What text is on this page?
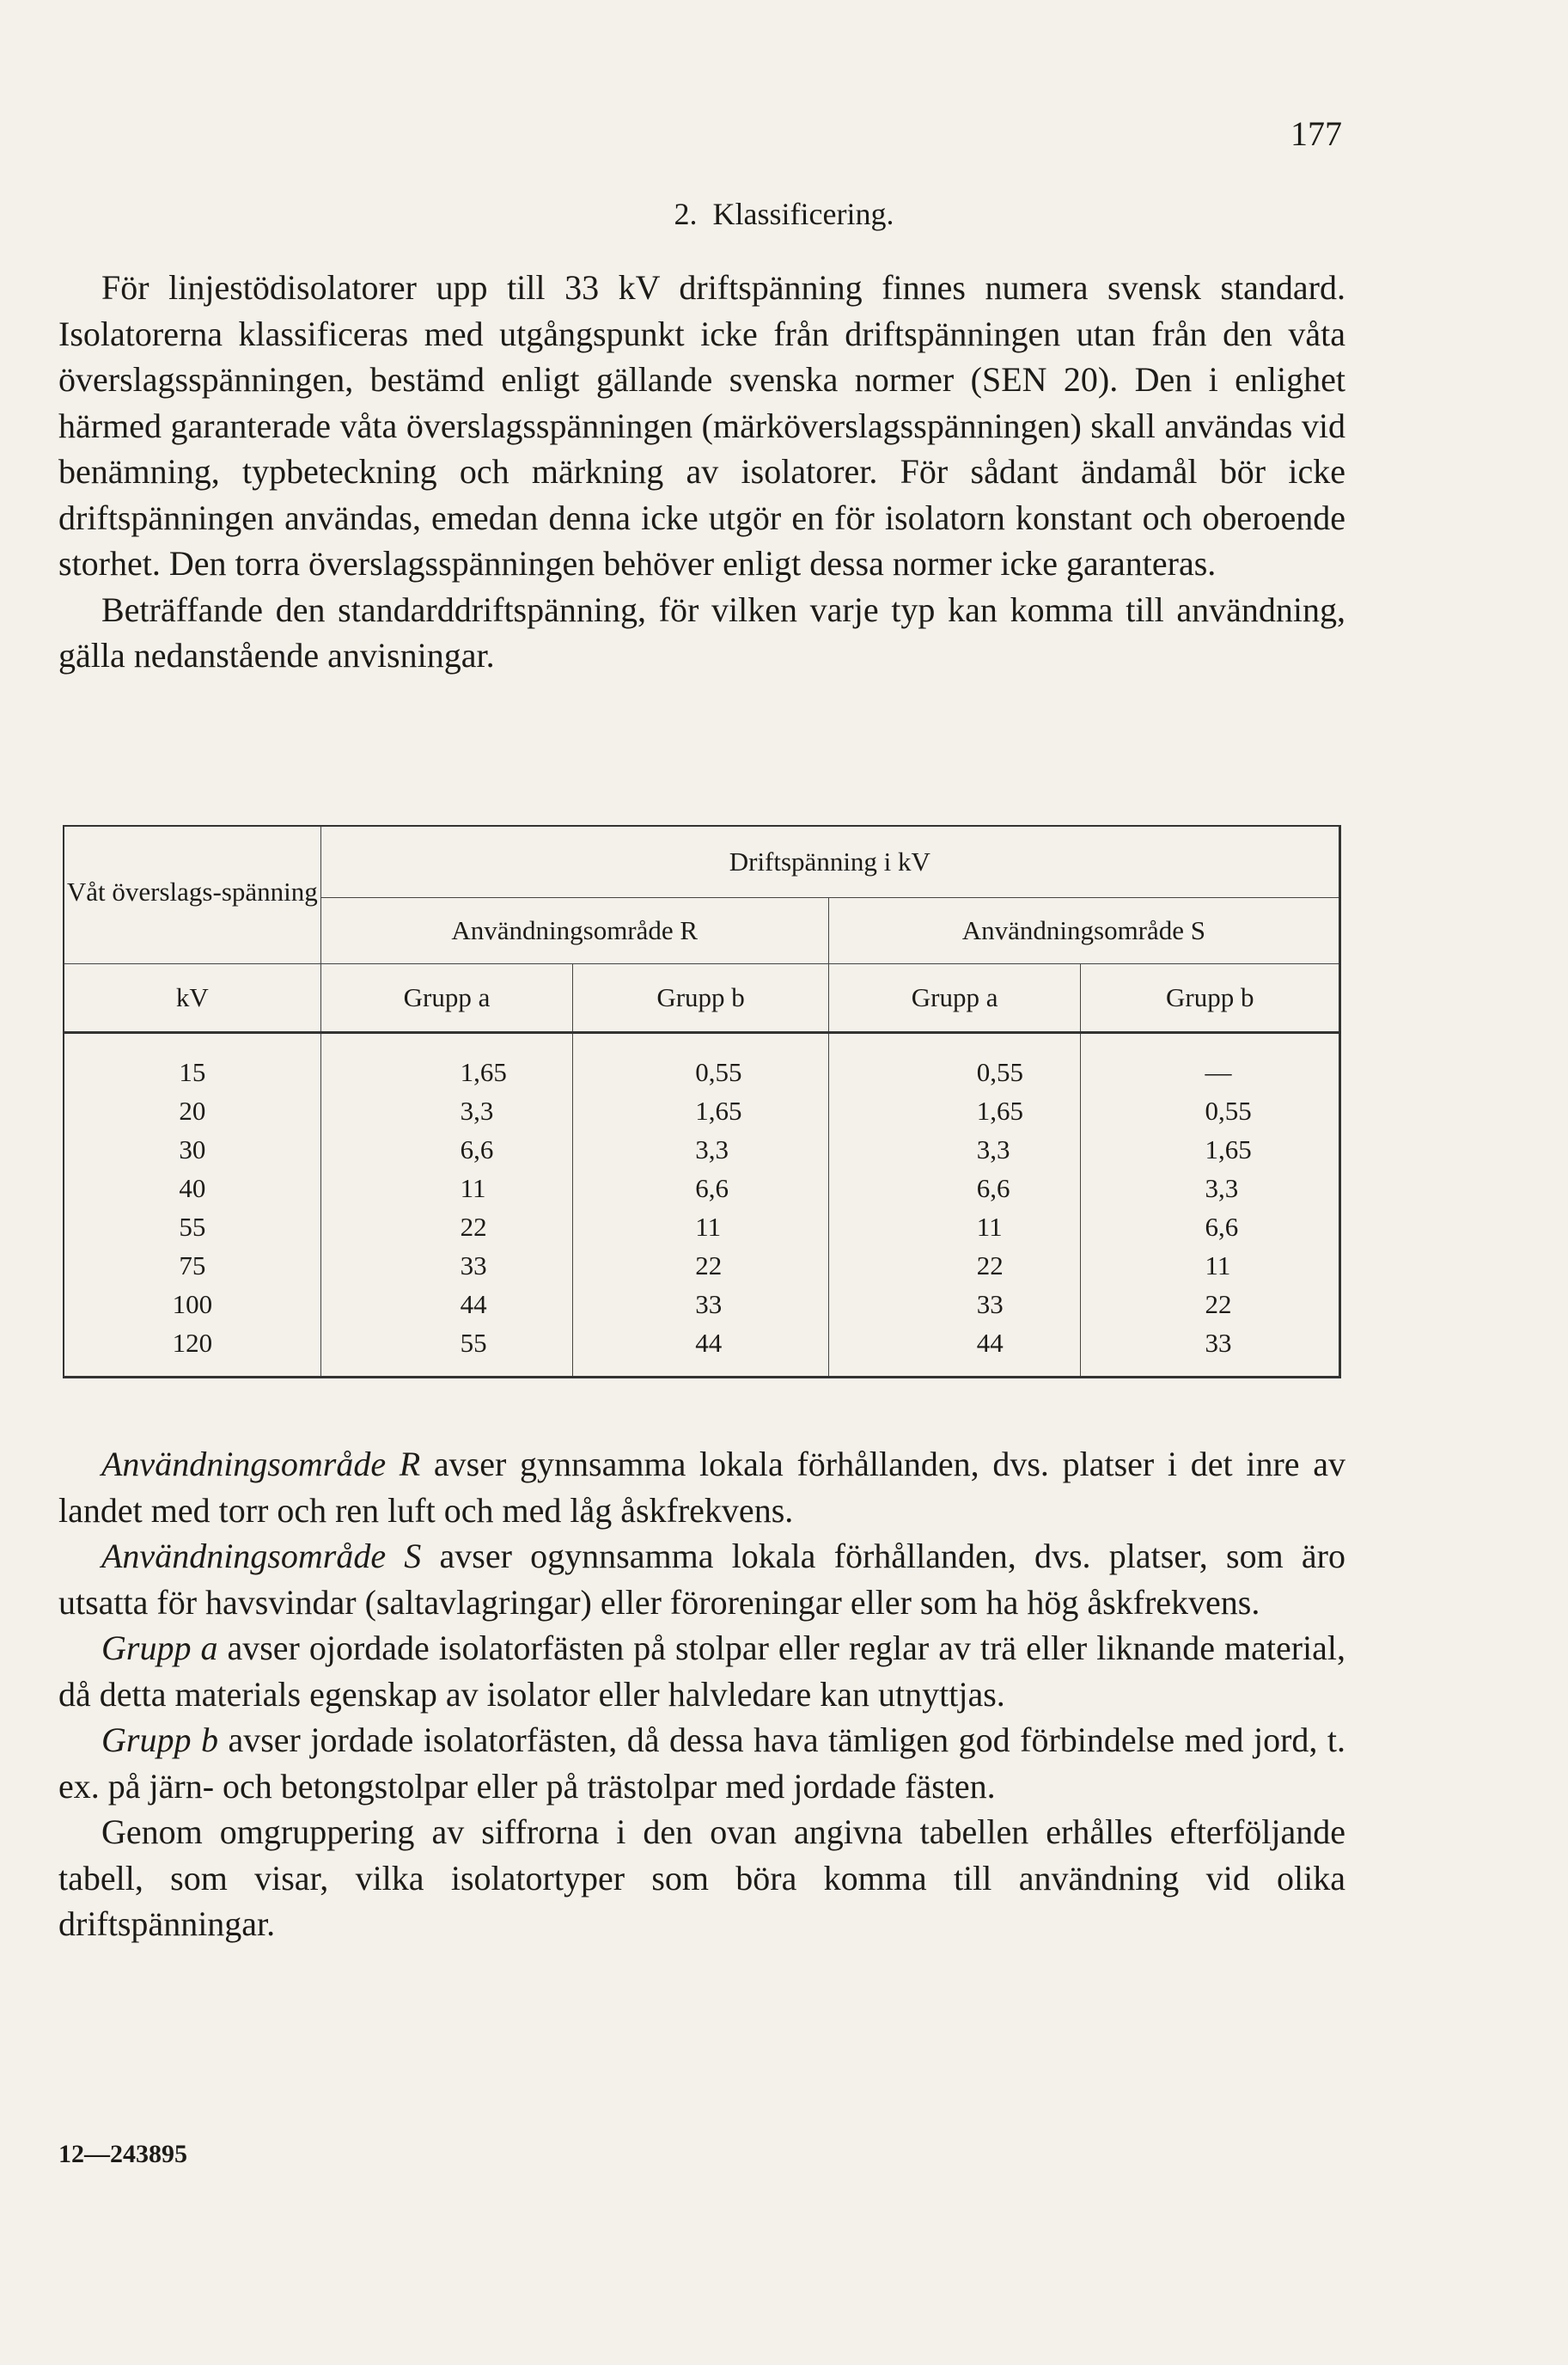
177
2. Klassificering.

För linjestödisolatorer upp till 33 kV driftspänning finnes numera svensk standard. Isolatorerna klassificeras med utgångspunkt icke från driftspänningen utan från den våta överslagsspänningen, bestämd enligt gällande svenska normer (SEN 20). Den i enlighet härmed garanterade våta överslagsspänningen (märköverslagsspänningen) skall användas vid benämning, typbeteckning och märkning av isolatorer. För sådant ändamål bör icke driftspänningen användas, emedan denna icke utgör en för isolatorn konstant och oberoende storhet. Den torra överslagsspänningen behöver enligt dessa normer icke garanteras.

Beträffande den standarddriftspänning, för vilken varje typ kan komma till användning, gälla nedanstående anvisningar.

Våt överslags-spänning	Driftspänning i kV			
	Användningsområde R		Användningsområde S	
kV	Grupp a	Grupp b	Grupp a	Grupp b
15	1,65	0,55	0,55	—
20	3,3	1,65	1,65	0,55
30	6,6	3,3	3,3	1,65
40	11	6,6	6,6	3,3
55	22	11	11	6,6
75	33	22	22	11
100	44	33	33	22
120	55	44	44	33

Användningsområde R avser gynnsamma lokala förhållanden, dvs. platser i det inre av landet med torr och ren luft och med låg åskfrekvens.

Användningsområde S avser ogynnsamma lokala förhållanden, dvs. platser, som äro utsatta för havsvindar (saltavlagringar) eller föroreningar eller som ha hög åskfrekvens.

Grupp a avser ojordade isolatorfästen på stolpar eller reglar av trä eller liknande material, då detta materials egenskap av isolator eller halvledare kan utnyttjas.

Grupp b avser jordade isolatorfästen, då dessa hava tämligen god förbindelse med jord, t. ex. på järn- och betongstolpar eller på trästolpar med jordade fästen.

Genom omgruppering av siffrorna i den ovan angivna tabellen erhålles efterföljande tabell, som visar, vilka isolatortyper som böra komma till användning vid olika driftspänningar.

12—243895
